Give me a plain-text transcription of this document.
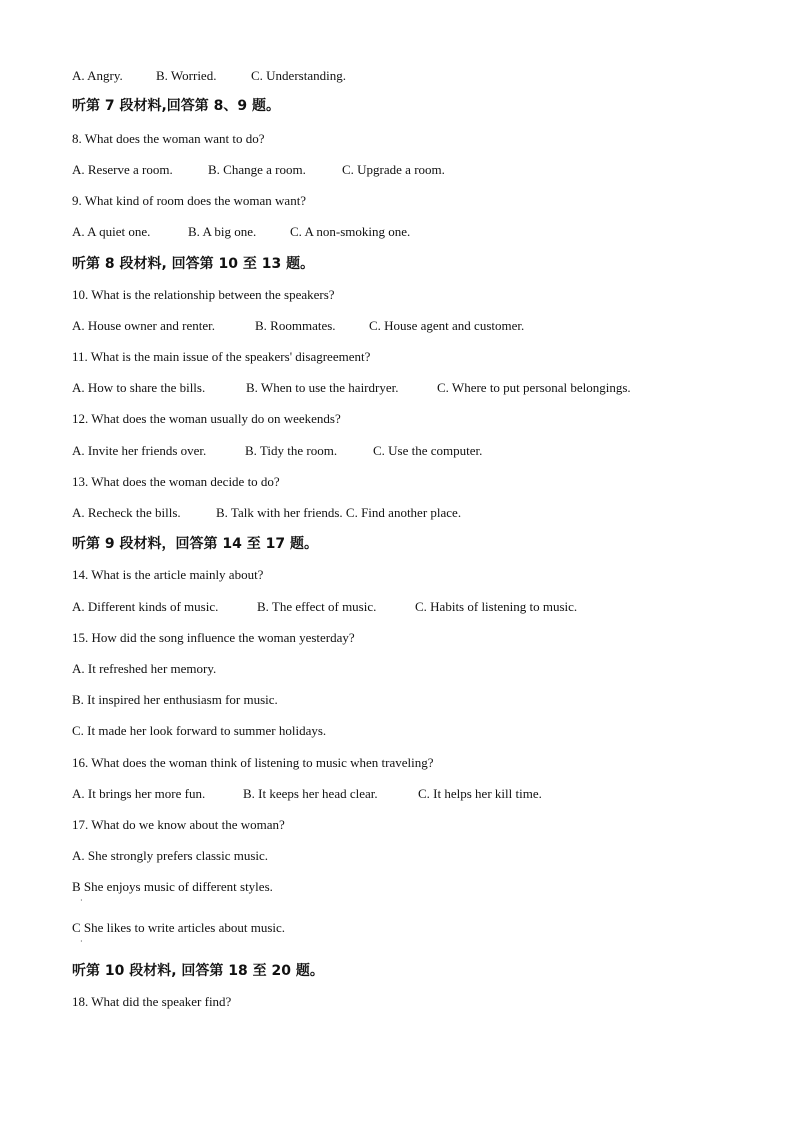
A. Angry.	B. Worried.	C. Understanding.
听第 7 段材料,回答第 8、9 题。
8. What does the woman want to do?
A. Reserve a room.	B. Change a room.	C. Upgrade a room.
9. What kind of room does the woman want?
A. A quiet one.	B. A big one.	C. A non-smoking one.
听第 8 段材料, 回答第 10 至 13 题。
10. What is the relationship between the speakers?
A. House owner and renter.	B. Roommates.	C. House agent and customer.
11. What is the main issue of the speakers' disagreement?
A. How to share the bills.	B. When to use the hairdryer.	C. Where to put personal belongings.
12. What does the woman usually do on weekends?
A. Invite her friends over.	B. Tidy the room.	C. Use the computer.
13. What does the woman decide to do?
A. Recheck the bills.	B. Talk with her friends. C. Find another place.
听第 9 段材料，回答第 14 至 17 题。
14. What is the article mainly about?
A. Different kinds of music.	B. The effect of music.	C. Habits of listening to music.
15. How did the song influence the woman yesterday?
A. It refreshed her memory.
B. It inspired her enthusiasm for music.
C. It made her look forward to summer holidays.
16. What does the woman think of listening to music when traveling?
A. It brings her more fun.	B. It keeps her head clear.	C. It helps her kill time.
17. What do we know about the woman?
A. She strongly prefers classic music.
B She enjoys music of different styles.
·
C She likes to write articles about music.
·
听第 10 段材料, 回答第 18 至 20 题。
18. What did the speaker find?
